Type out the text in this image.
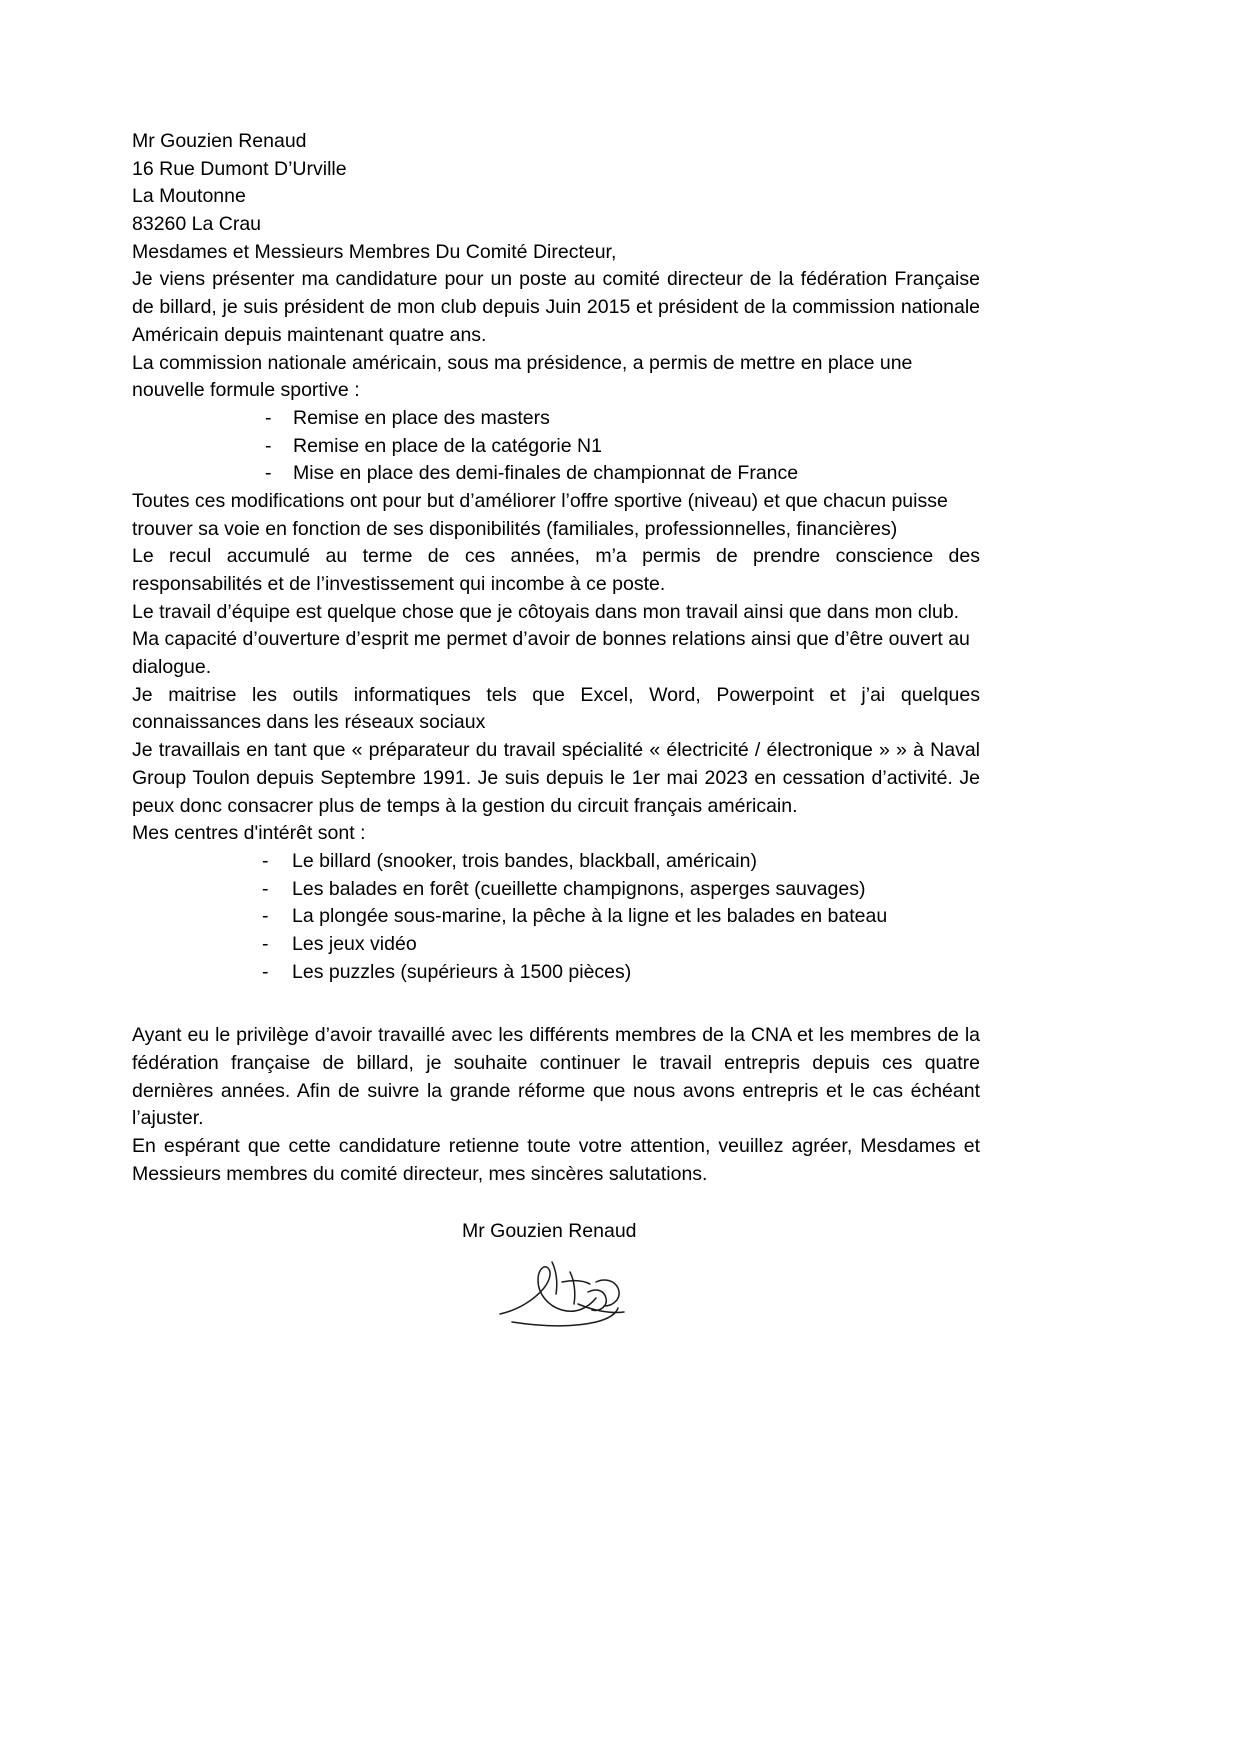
Mr Gouzien Renaud
16 Rue Dumont D’Urville
La Moutonne
83260 La Crau

Mesdames et Messieurs Membres Du Comité Directeur,

Je viens présenter ma candidature pour un poste au comité directeur de la fédération Française de billard, je suis président de mon club depuis Juin 2015 et président de la commission nationale Américain depuis maintenant quatre ans.

La commission nationale américain, sous ma présidence, a permis de mettre en place une nouvelle formule sportive :

-	Remise en place des masters
-	Remise en place de la catégorie N1
-	Mise en place des demi-finales de championnat de France

Toutes ces modifications ont pour but d’améliorer l’offre sportive (niveau) et que chacun puisse trouver sa voie en fonction de ses disponibilités (familiales, professionnelles, financières)

Le recul accumulé au terme de ces années, m’a permis de prendre conscience des responsabilités et de l’investissement qui incombe à ce poste.

Le travail d’équipe est quelque chose que je côtoyais dans mon travail ainsi que dans mon club. Ma capacité d’ouverture d’esprit me permet d’avoir de bonnes relations ainsi que d’être ouvert au dialogue.

Je maitrise les outils informatiques tels que Excel, Word, Powerpoint et j’ai quelques connaissances dans les réseaux sociaux

Je travaillais en tant que « préparateur du travail spécialité « électricité / électronique » » à Naval Group Toulon depuis Septembre 1991. Je suis depuis le 1er mai 2023 en cessation d’activité. Je peux donc consacrer plus de temps à la gestion du circuit français américain.

Mes centres d'intérêt sont :

-	Le billard (snooker, trois bandes, blackball, américain)
-	Les balades en forêt (cueillette champignons, asperges sauvages)
-	La plongée sous-marine, la pêche à la ligne et les balades en bateau
-	Les jeux vidéo
-	Les puzzles (supérieurs à 1500 pièces)

Ayant eu le privilège d’avoir travaillé avec les différents membres de la CNA et les membres de la fédération française de billard, je souhaite continuer le travail entrepris depuis ces quatre dernières années. Afin de suivre la grande réforme que nous avons entrepris et le cas échéant l’ajuster.

En espérant que cette candidature retienne toute votre attention, veuillez agréer, Mesdames et Messieurs membres du comité directeur, mes sincères salutations.

Mr Gouzien Renaud
